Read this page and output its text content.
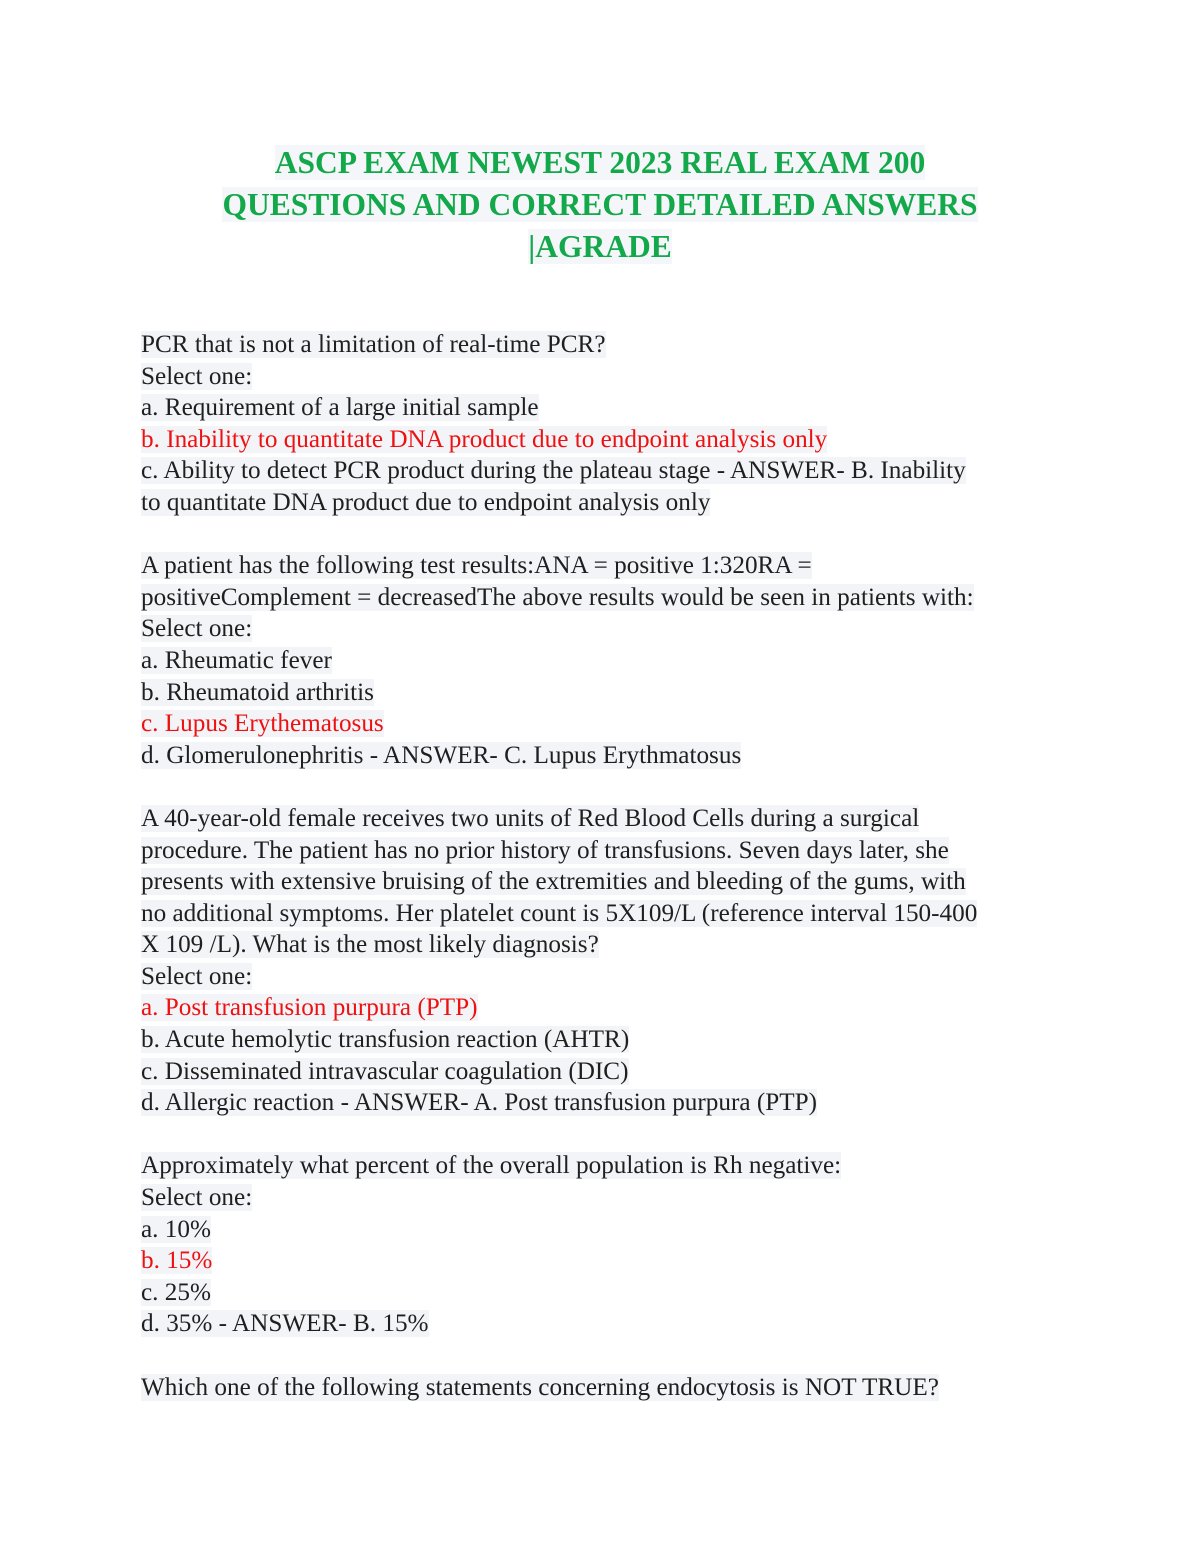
ASCP EXAM NEWEST 2023 REAL EXAM 200
QUESTIONS AND CORRECT DETAILED ANSWERS
|AGRADE
PCR that is not a limitation of real-time PCR?
Select one:
a. Requirement of a large initial sample
b. Inability to quantitate DNA product due to endpoint analysis only
c. Ability to detect PCR product during the plateau stage - ANSWER- B. Inability
to quantitate DNA product due to endpoint analysis only
A patient has the following test results:ANA = positive 1:320RA =
positiveComplement = decreasedThe above results would be seen in patients with:
Select one:
a. Rheumatic fever
b. Rheumatoid arthritis
c. Lupus Erythematosus
d. Glomerulonephritis - ANSWER- C. Lupus Erythmatosus
A 40-year-old female receives two units of Red Blood Cells during a surgical
procedure. The patient has no prior history of transfusions. Seven days later, she
presents with extensive bruising of the extremities and bleeding of the gums, with
no additional symptoms. Her platelet count is 5X109/L (reference interval 150-400
X 109 /L). What is the most likely diagnosis?
Select one:
a. Post transfusion purpura (PTP)
b. Acute hemolytic transfusion reaction (AHTR)
c. Disseminated intravascular coagulation (DIC)
d. Allergic reaction - ANSWER- A. Post transfusion purpura (PTP)
Approximately what percent of the overall population is Rh negative:
Select one:
a. 10%
b. 15%
c. 25%
d. 35% - ANSWER- B. 15%
Which one of the following statements concerning endocytosis is NOT TRUE?
